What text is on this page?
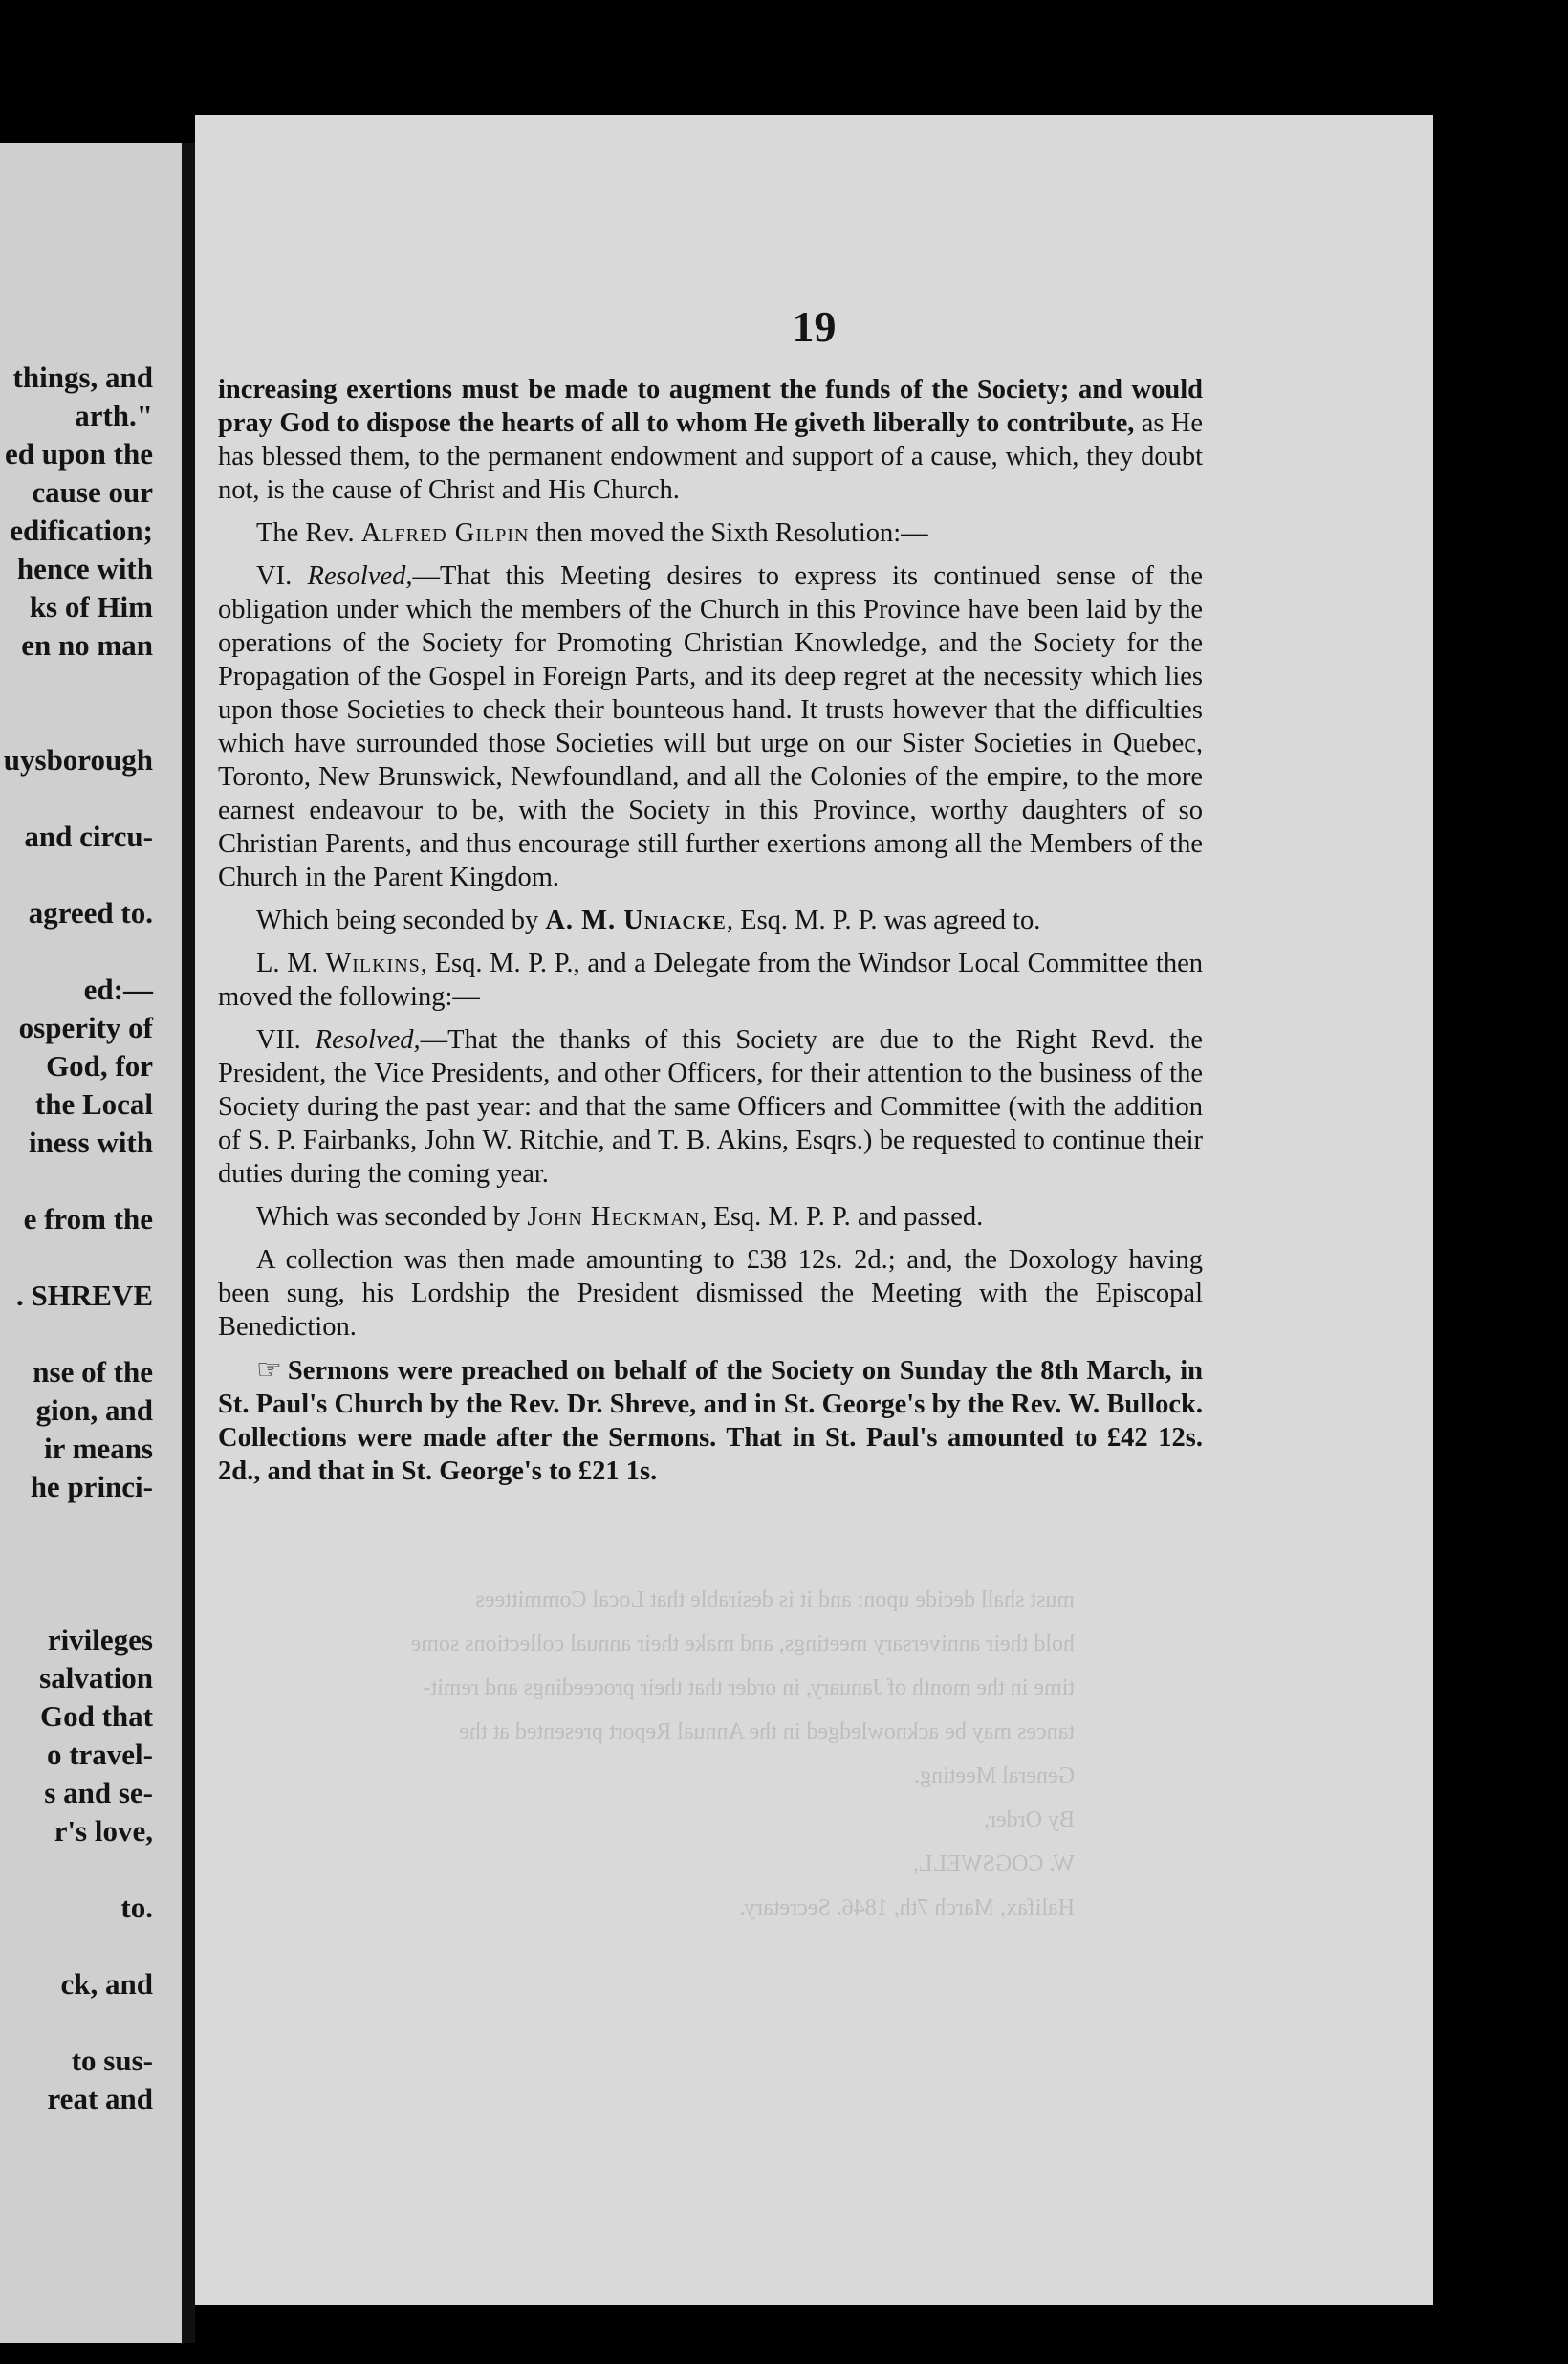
things, and
arth."
ed upon the
cause our
edification;
hence with
ks of Him
en no man
uysborough
and circu-
agreed to.
ed:—
osperity of
God, for
the Local
iness with
e from the
. SHREVE
nse of the
gion, and
ir means
he princi-
rivileges
salvation
God that
o travel-
s and se-
r's love,
to.
ck, and
to sus-
reat and
19

increasing exertions must be made to augment the funds of the Society; and would pray God to dispose the hearts of all to whom He giveth liberally to contribute, as He has blessed them, to the permanent endowment and support of a cause, which, they doubt not, is the cause of Christ and His Church.

The Rev. Alfred Gilpin then moved the Sixth Resolution:—

VI. Resolved,—That this Meeting desires to express its continued sense of the obligation under which the members of the Church in this Province have been laid by the operations of the Society for Promoting Christian Knowledge, and the Society for the Propagation of the Gospel in Foreign Parts, and its deep regret at the necessity which lies upon those Societies to check their bounteous hand. It trusts however that the difficulties which have surrounded those Societies will but urge on our Sister Societies in Quebec, Toronto, New Brunswick, Newfoundland, and all the Colonies of the empire, to the more earnest endeavour to be, with the Society in this Province, worthy daughters of so Christian Parents, and thus encourage still further exertions among all the Members of the Church in the Parent Kingdom.

Which being seconded by A. M. Uniacke, Esq. M. P. P. was agreed to.

L. M. Wilkins, Esq. M. P. P., and a Delegate from the Windsor Local Committee then moved the following:—

VII. Resolved,—That the thanks of this Society are due to the Right Revd. the President, the Vice Presidents, and other Officers, for their attention to the business of the Society during the past year: and that the same Officers and Committee (with the addition of S. P. Fairbanks, John W. Ritchie, and T. B. Akins, Esqrs.) be requested to continue their duties during the coming year.

Which was seconded by John Heckman, Esq. M. P. P. and passed.

A collection was then made amounting to £38 12s. 2d.; and, the Doxology having been sung, his Lordship the President dismissed the Meeting with the Episcopal Benediction.

☞ Sermons were preached on behalf of the Society on Sunday the 8th March, in St. Paul's Church by the Rev. Dr. Shreve, and in St. George's by the Rev. W. Bullock. Collections were made after the Sermons. That in St. Paul's amounted to £42 12s. 2d., and that in St. George's to £21 1s.

must shall decide upon: and it is desirable that Local Committees
hold their anniversary meetings, and make their annual collections some
time in the month of January, in order that their proceedings and remit-
tances may be acknowledged in the Annual Report presented at the
General Meeting.
By Order,
W. COGSWELL,
Halifax, March 7th, 1846. Secretary.
